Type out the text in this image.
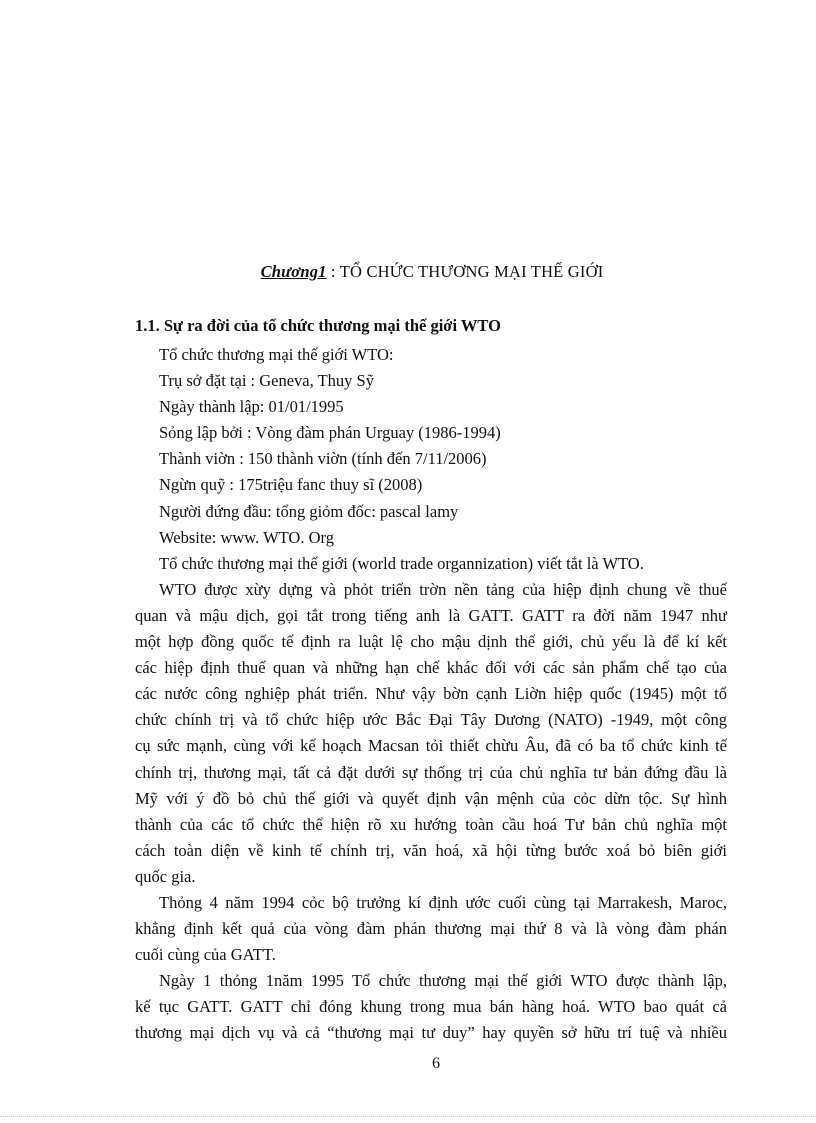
Chương1 : TỔ CHỨC THƯƠNG MẠI THẾ GIỚI
1.1. Sự ra đời của tổ chức thương mại thế giới WTO
Tổ chức thương mại thế giới WTO:
Trụ sở đặt tại : Geneva, Thuy Sỹ
Ngày thành lập: 01/01/1995
Sỏng lập bởi : Vòng đàm phán Urguay (1986-1994)
Thành viờn : 150 thành viờn (tính đến 7/11/2006)
Ngừn quỹ : 175triệu fanc thuy sĩ (2008)
Người đứng đầu: tổng giỏm đốc: pascal lamy
Website: www. WTO. Org
Tổ chức thương mại thế giới (world trade organnization) viết tắt là WTO.
WTO được xừy dựng và phỏt triển trờn nền tảng của hiệp định chung về thuế
quan và mậu dịch, gọi tắt trong tiếng anh là GATT. GATT ra đời năm 1947 như
một hợp đồng quốc tế định ra luật lệ cho mậu dịnh thế giới, chủ yếu là để kí kết
các hiệp định thuế quan và những hạn chế khác đối với các sản phẩm chế tạo của
các nước công nghiệp phát triển. Như vậy bờn cạnh Liờn hiệp quốc (1945) một tổ
chức chính trị và tổ chức hiệp ước Bắc Đại Tây Dương (NATO) -1949, một công
cụ sức mạnh, cùng với kế hoạch Macsan tỏi thiết chừu Âu, đã có ba tổ chức kinh tế
chính trị, thương mại, tất cả đặt dưới sự thống trị của chủ nghĩa tư bản đứng đầu là
Mỹ với ý đồ bỏ chủ thế giới và quyết định vận mệnh của cỏc dừn tộc. Sự hình
thành của các tổ chức thể hiện rõ xu hướng toàn cầu hoá Tư bản chủ nghĩa một
cách toàn diện về kinh tế chính trị, văn hoá, xã hội từng bước xoá bỏ biên giới
quốc gia.
Thỏng 4 năm 1994 cỏc bộ trưởng kí định ước cuối cùng tại Marrakesh, Maroc,
khẳng định kết quả của vòng đàm phán thương mại thứ 8 và là vòng đàm phán
cuối cùng của GATT.
Ngày 1 thỏng 1năm 1995 Tổ chức thương mại thế giới WTO được thành lập,
kế tục GATT. GATT chỉ đóng khung trong mua bán hàng hoá. WTO bao quát cả
thương mại dịch vụ và cả “thương mại tư duy” hay quyền sở hữu trí tuệ và nhiều
6
